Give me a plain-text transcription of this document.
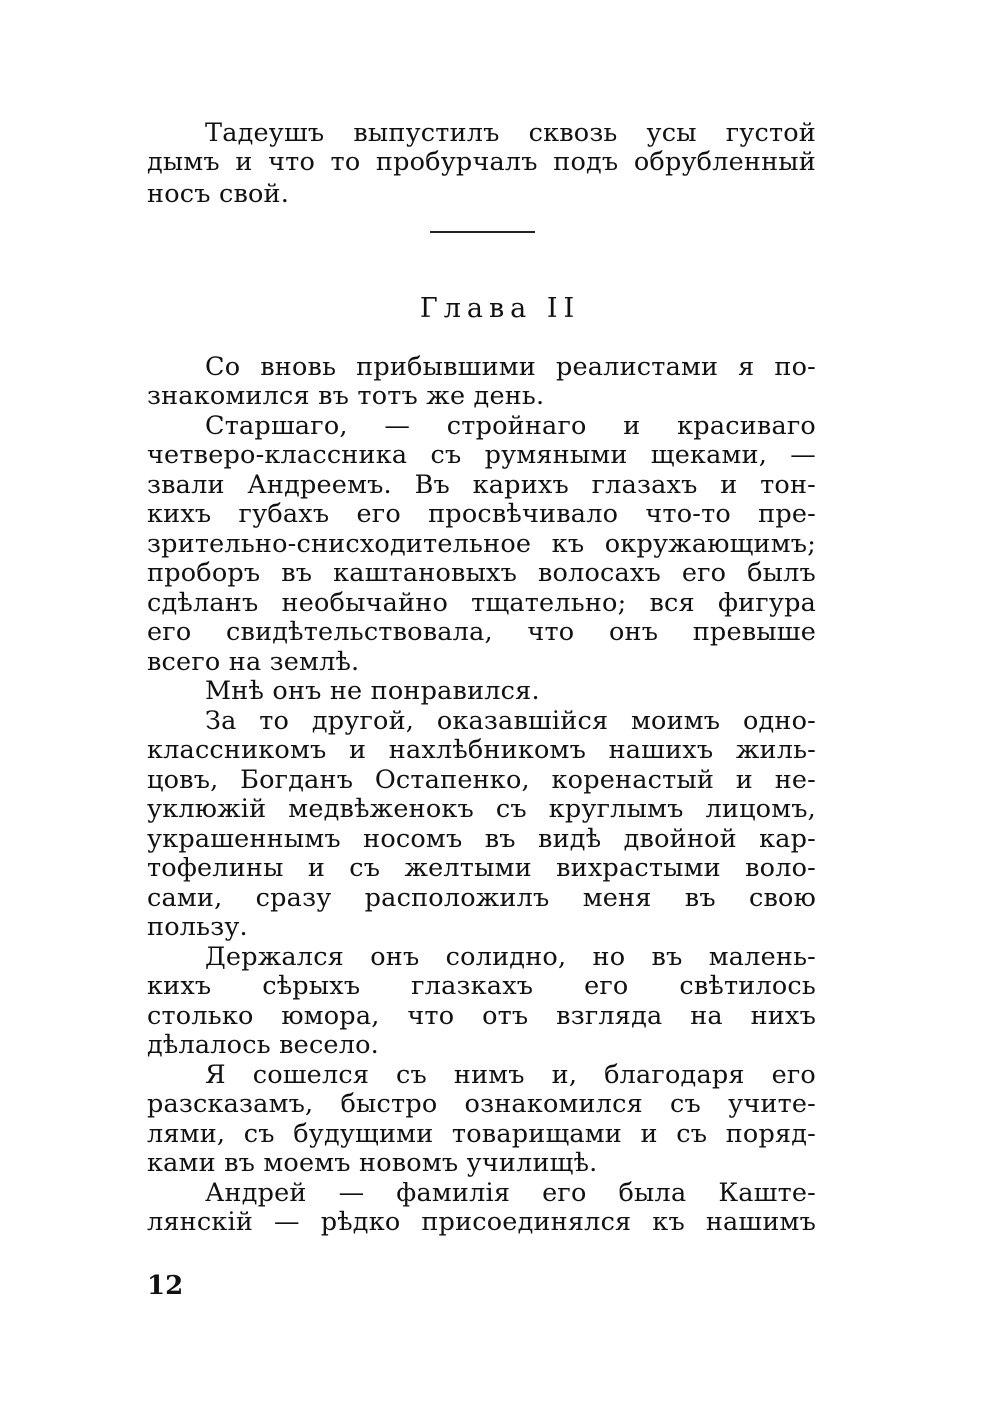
Тадеушъ выпустилъ сквозь усы густой
дымъ и что то пробурчалъ подъ обрубленный
носъ свой.
Глава II
Со вновь прибывшими реалистами я по-
знакомился въ тотъ же день.
Старшаго, — стройнаго и красиваго
четверо-классника съ румяными щеками, —
звали Андреемъ. Въ карихъ глазахъ и тон-
кихъ губахъ его просвѣчивало что-то пре-
зрительно-снисходительное къ окружающимъ;
проборъ въ каштановыхъ волосахъ его былъ
сдѣланъ необычайно тщательно; вся фигура
его свидѣтельствовала, что онъ превыше
всего на землѣ.
Мнѣ онъ не понравился.
За то другой, оказавшійся моимъ одно-
классникомъ и нахлѣбникомъ нашихъ жиль-
цовъ, Богданъ Остапенко, коренастый и не-
уклюжій медвѣженокъ съ круглымъ лицомъ,
украшеннымъ носомъ въ видѣ двойной кар-
тофелины и съ желтыми вихрастыми воло-
сами, сразу расположилъ меня въ свою
пользу.
Держался онъ солидно, но въ малень-
кихъ сѣрыхъ глазкахъ его свѣтилось
столько юмора, что отъ взгляда на нихъ
дѣлалось весело.
Я сошелся съ нимъ и, благодаря его
разсказамъ, быстро ознакомился съ учите-
лями, съ будущими товарищами и съ поряд-
ками въ моемъ новомъ училищѣ.
Андрей — фамилія его была Каште-
лянскій — рѣдко присоединялся къ нашимъ
12
